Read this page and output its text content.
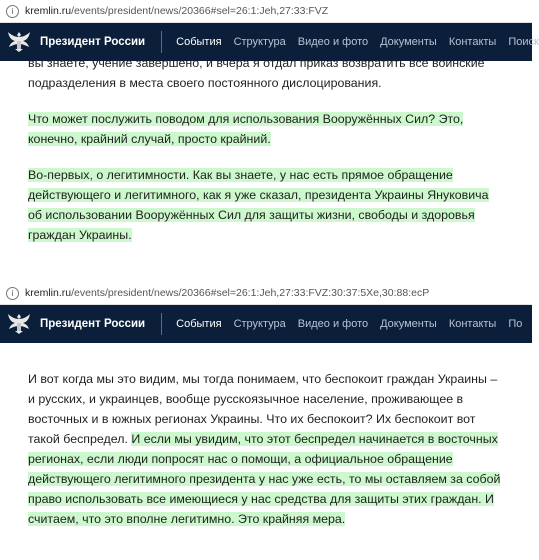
i	kremlin.ru /events/president/news/20366#sel=26:1:Jeh,27:33:FVZ
Президент России	События Структура Видео и фото Документы Контакты Поиск

вы знаете, учение завершено, и вчера я отдал приказ возвратить все воинские подразделения в места своего постоянного дислоцирования.

Что может послужить поводом для использования Вооружённых Сил? Это, конечно, крайний случай, просто крайний.

Во-первых, о легитимности. Как вы знаете, у нас есть прямое обращение действующего и легитимного, как я уже сказал, президента Украины Януковича об использовании Вооружённых Сил для защиты жизни, свободы и здоровья граждан Украины.

i	kremlin.ru /events/president/news/20366#sel=26:1:Jeh,27:33:FVZ:30:37:5Xe,30:88:ecP
Президент России	События Структура Видео и фото Документы Контакты По

И вот когда мы это видим, мы тогда понимаем, что беспокоит граждан Украины – и русских, и украинцев, вообще русскоязычное население, проживающее в восточных и в южных регионах Украины. Что их беспокоит? Их беспокоит вот такой беспредел. И если мы увидим, что этот беспредел начинается в восточных регионах, если люди попросят нас о помощи, а официальное обращение действующего легитимного президента у нас уже есть, то мы оставляем за собой право использовать все имеющиеся у нас средства для защиты этих граждан. И считаем, что это вполне легитимно. Это крайняя мера.
